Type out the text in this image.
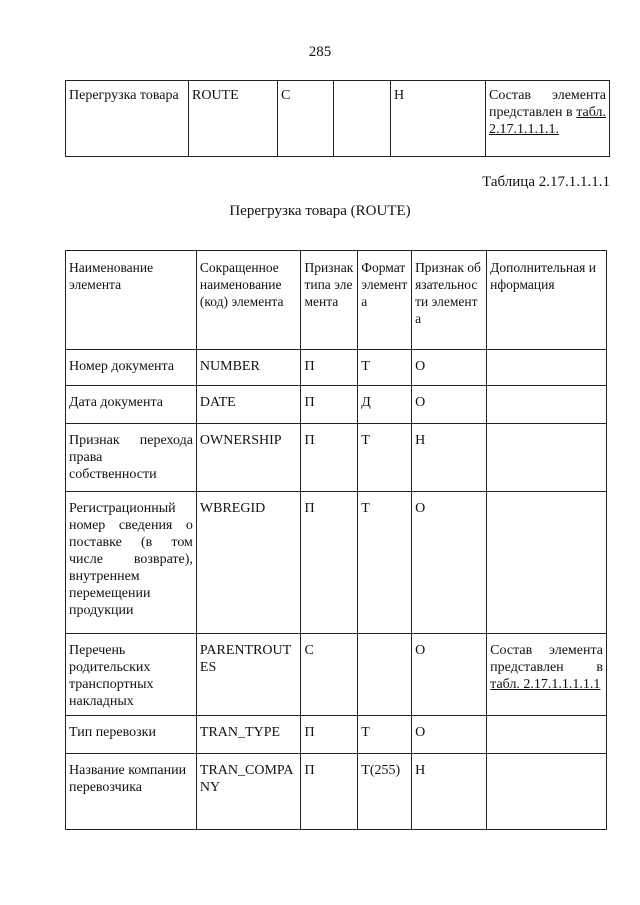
285
Перегрузка товара	ROUTE	С		Н	Состав элемента представлен в табл. 2.17.1.1.1.1.
Таблица 2.17.1.1.1.1
Перегрузка товара (ROUTE)
Наименование элемента	Сокращенное наименование (код) элемента	Признак типа элемента	Формат элемента	Признак обязательности элемента	Дополнительная информация
Номер документа	NUMBER	П	Т	О	
Дата документа	DATE	П	Д	О	
Признак перехода права собственности	OWNERSHIP	П	Т	Н	
Регистрационный номер сведения о поставке (в том числе возврате), внутреннем перемещении продукции	WBREGID	П	Т	О	
Перечень родительских транспортных накладных	PARENTROUTES	С		О	Состав элемента представлен в табл. 2.17.1.1.1.1.1
Тип перевозки	TRAN_TYPE	П	Т	О	
Название компании перевозчика	TRAN_COMPANY	П	Т(255)	Н	
